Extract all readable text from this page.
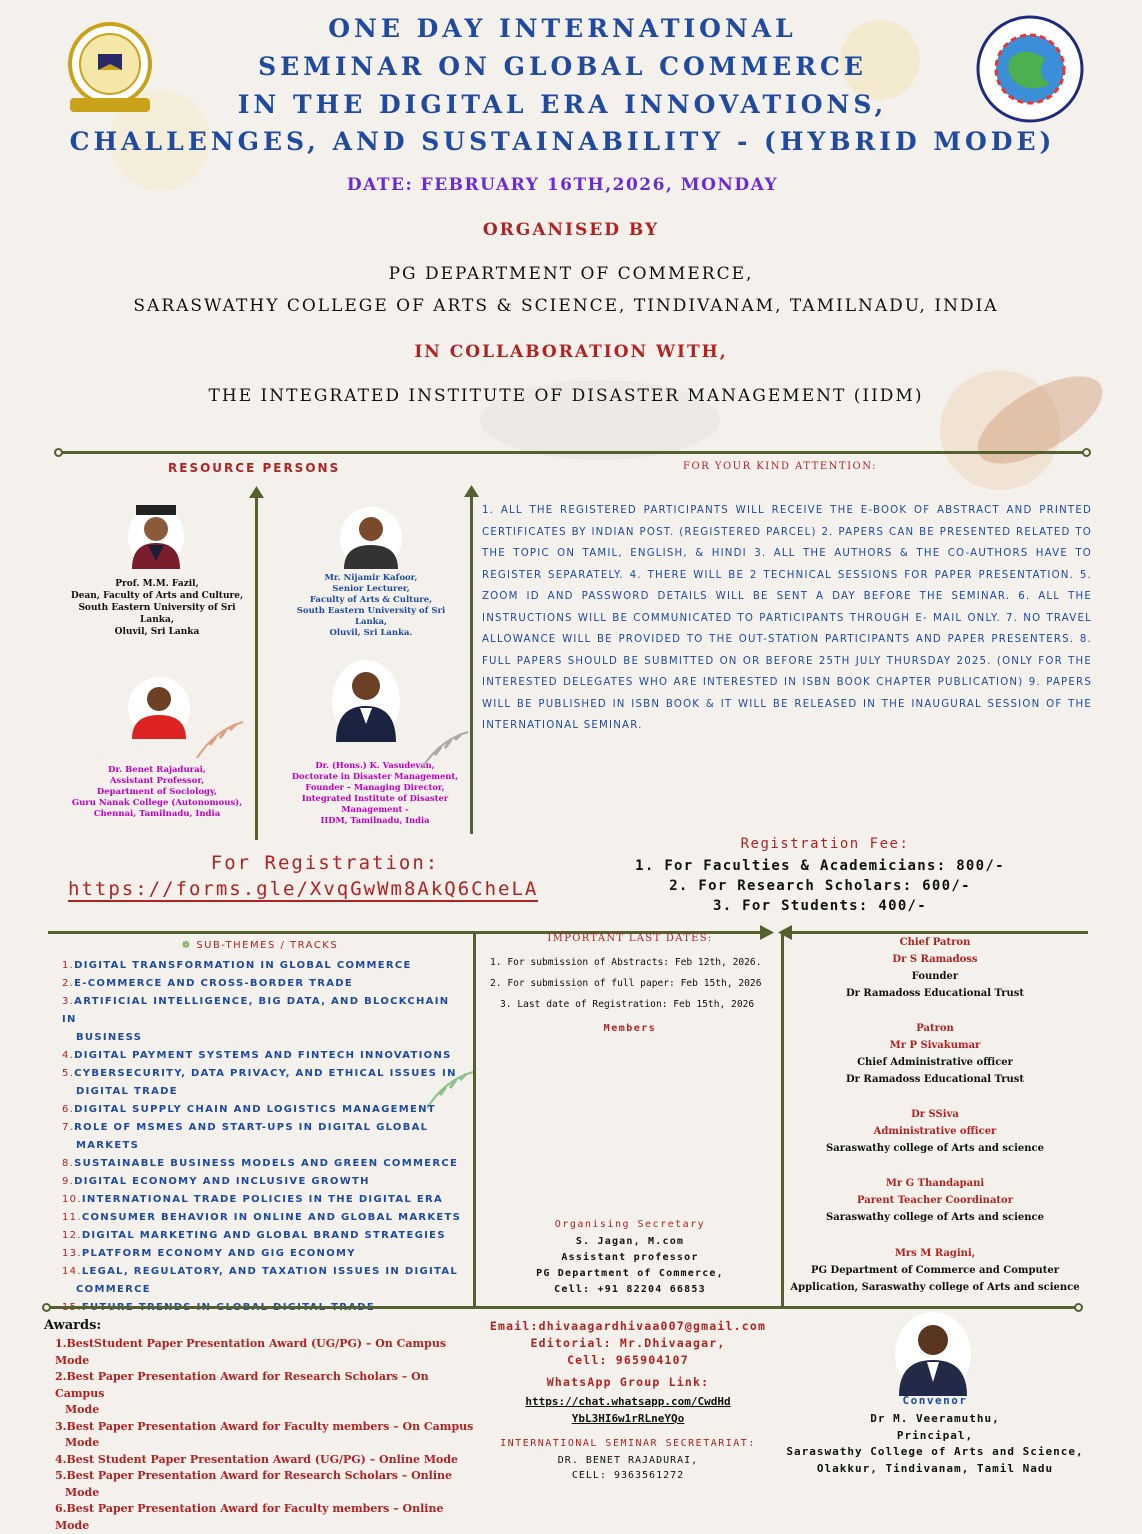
ONE DAY INTERNATIONAL
SEMINAR ON GLOBAL COMMERCE
IN THE DIGITAL ERA INNOVATIONS,
CHALLENGES, AND SUSTAINABILITY - (HYBRID MODE)
DATE: FEBRUARY 16TH,2026, MONDAY
ORGANISED BY
PG DEPARTMENT OF COMMERCE,
SARASWATHY COLLEGE OF ARTS & SCIENCE, TINDIVANAM, TAMILNADU, INDIA
IN COLLABORATION WITH,
THE INTEGRATED INSTITUTE OF DISASTER MANAGEMENT (IIDM)
RESOURCE PERSONS
Prof. M.M. Fazil,
Dean, Faculty of Arts and Culture,
South Eastern University of Sri Lanka,
Oluvil, Sri Lanka
Mr. Nijamir Kafoor,
Senior Lecturer,
Faculty of Arts & Culture,
South Eastern University of Sri Lanka,
Oluvil, Sri Lanka.
Dr. Benet Rajadurai,
Assistant Professor,
Department of Sociology,
Guru Nanak College (Autonomous),
Chennai, Tamilnadu, India
Dr. (Hons.) K. Vasudevan,
Doctorate in Disaster Management,
Founder – Managing Director,
Integrated Institute of Disaster Management -
IIDM, Tamilnadu, India
FOR YOUR KIND ATTENTION:
1. ALL THE REGISTERED PARTICIPANTS WILL RECEIVE THE E-BOOK OF ABSTRACT AND PRINTED CERTIFICATES BY INDIAN POST. (REGISTERED PARCEL) 2. PAPERS CAN BE PRESENTED RELATED TO THE TOPIC ON TAMIL, ENGLISH, & HINDI 3. ALL THE AUTHORS & THE CO-AUTHORS HAVE TO REGISTER SEPARATELY. 4. THERE WILL BE 2 TECHNICAL SESSIONS FOR PAPER PRESENTATION. 5. ZOOM ID AND PASSWORD DETAILS WILL BE SENT A DAY BEFORE THE SEMINAR. 6. ALL THE INSTRUCTIONS WILL BE COMMUNICATED TO PARTICIPANTS THROUGH E- MAIL ONLY. 7. NO TRAVEL ALLOWANCE WILL BE PROVIDED TO THE OUT-STATION PARTICIPANTS AND PAPER PRESENTERS. 8. FULL PAPERS SHOULD BE SUBMITTED ON OR BEFORE 25TH JULY THURSDAY 2025. (ONLY FOR THE INTERESTED DELEGATES WHO ARE INTERESTED IN ISBN BOOK CHAPTER PUBLICATION) 9. PAPERS WILL BE PUBLISHED IN ISBN BOOK & IT WILL BE RELEASED IN THE INAUGURAL SESSION OF THE INTERNATIONAL SEMINAR.
For Registration:
https://forms.gle/XvqGwWm8AkQ6CheLA
Registration Fee:
1. For Faculties & Academicians: 800/-
2. For Research Scholars: 600/-
3. For Students: 400/-
❁ SUB-THEMES / TRACKS
1.DIGITAL TRANSFORMATION IN GLOBAL COMMERCE
2.E-COMMERCE AND CROSS-BORDER TRADE
3.ARTIFICIAL INTELLIGENCE, BIG DATA, AND BLOCKCHAIN IN
BUSINESS
4.DIGITAL PAYMENT SYSTEMS AND FINTECH INNOVATIONS
5.CYBERSECURITY, DATA PRIVACY, AND ETHICAL ISSUES IN
DIGITAL TRADE
6.DIGITAL SUPPLY CHAIN AND LOGISTICS MANAGEMENT
7.ROLE OF MSMES AND START-UPS IN DIGITAL GLOBAL
MARKETS
8.SUSTAINABLE BUSINESS MODELS AND GREEN COMMERCE
9.DIGITAL ECONOMY AND INCLUSIVE GROWTH
10.INTERNATIONAL TRADE POLICIES IN THE DIGITAL ERA
11.CONSUMER BEHAVIOR IN ONLINE AND GLOBAL MARKETS
12.DIGITAL MARKETING AND GLOBAL BRAND STRATEGIES
13.PLATFORM ECONOMY AND GIG ECONOMY
14.LEGAL, REGULATORY, AND TAXATION ISSUES IN DIGITAL
COMMERCE
IMPORTANT LAST DATES:
1. For submission of Abstracts: Feb 12th, 2026.
2. For submission of full paper: Feb 15th, 2026
3. Last date of Registration: Feb 15th, 2026
Members
Organising Secretary
S. Jagan, M.com
Assistant professor
PG Department of Commerce,
Cell: +91 82204 66853
Chief Patron
Dr S Ramadoss
Founder
Dr Ramadoss Educational Trust
Patron
Mr P Sivakumar
Chief Administrative officer
Dr Ramadoss Educational Trust
Dr SSiva
Administrative officer
Saraswathy college of Arts and science
Mr G Thandapani
Parent Teacher Coordinator
Saraswathy college of Arts and science
Mrs M Ragini,
PG Department of Commerce and Computer
Application, Saraswathy college of Arts and science
Awards:
1.BestStudent Paper Presentation Award (UG/PG) – On Campus Mode
2.Best Paper Presentation Award for Research Scholars – On Campus
Mode
3.Best Paper Presentation Award for Faculty members – On Campus
Mode
4.Best Student Paper Presentation Award (UG/PG) – Online Mode
5.Best Paper Presentation Award for Research Scholars – Online
Mode
6.Best Paper Presentation Award for Faculty members – Online Mode
Email:dhivaagardhivaa007@gmail.com
Editorial: Mr.Dhivaagar,
Cell: 965904107
WhatsApp Group Link:
https://chat.whatsapp.com/CwdHd
YbL3HI6w1rRLneYQo
INTERNATIONAL SEMINAR SECRETARIAT:
DR. BENET RAJADURAI,
CELL: 9363561272
Convenor
Dr M. Veeramuthu,
Principal,
Saraswathy College of Arts and Science,
Olakkur, Tindivanam, Tamil Nadu
